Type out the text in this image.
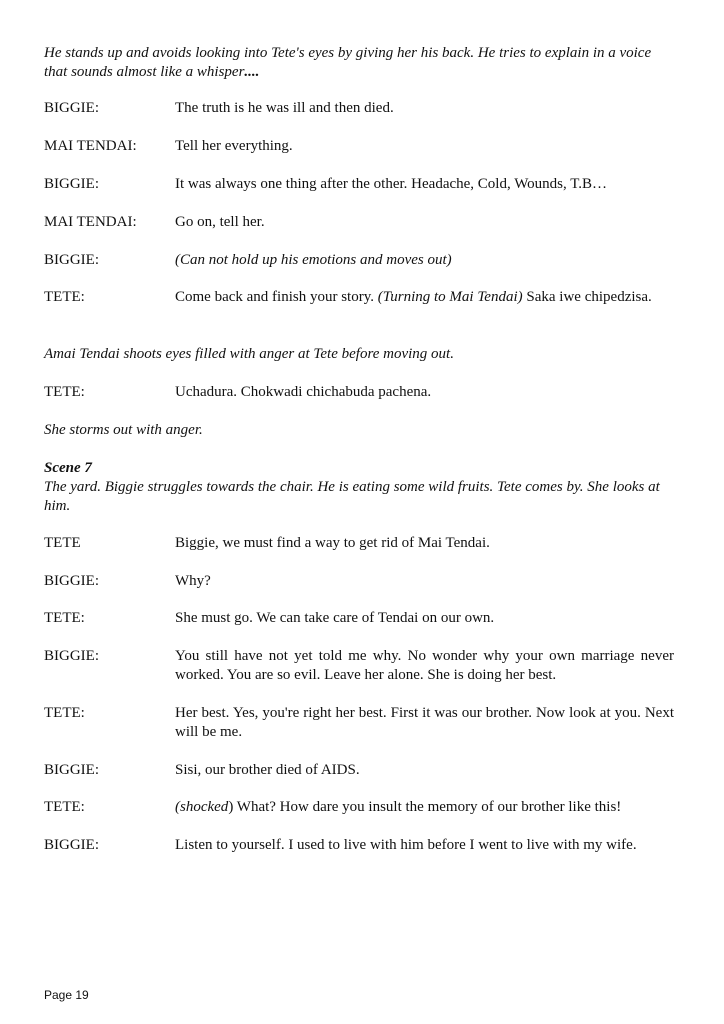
He stands up and avoids looking into Tete's eyes by giving her his back. He tries to explain in a voice that sounds almost like a whisper....
BIGGIE:	The truth is he was ill and then died.
MAI TENDAI:	Tell her everything.
BIGGIE:	It was always one thing after the other. Headache, Cold, Wounds, T.B…
MAI TENDAI:	Go on, tell her.
BIGGIE:	(Can not hold up his emotions and moves out)
TETE:	Come back and finish your story. (Turning to Mai Tendai) Saka iwe chipedzisa.
Amai Tendai shoots eyes filled with anger at Tete before moving out.
TETE:	Uchadura. Chokwadi chichabuda pachena.
She storms out with anger.
Scene 7
The yard. Biggie struggles towards the chair. He is eating some wild fruits. Tete comes by. She looks at him.
TETE	Biggie, we must find a way to get rid of Mai Tendai.
BIGGIE:	Why?
TETE:	She must go. We can take care of Tendai on our own.
BIGGIE:	You still have not yet told me why. No wonder why your own marriage never worked. You are so evil. Leave her alone. She is doing her best.
TETE:	Her best. Yes, you're right her best. First it was our brother. Now look at you. Next will be me.
BIGGIE:	Sisi, our brother died of AIDS.
TETE:	(shocked) What? How dare you insult the memory of our brother like this!
BIGGIE:	Listen to yourself. I used to live with him before I went to live with my wife.
Page 19
